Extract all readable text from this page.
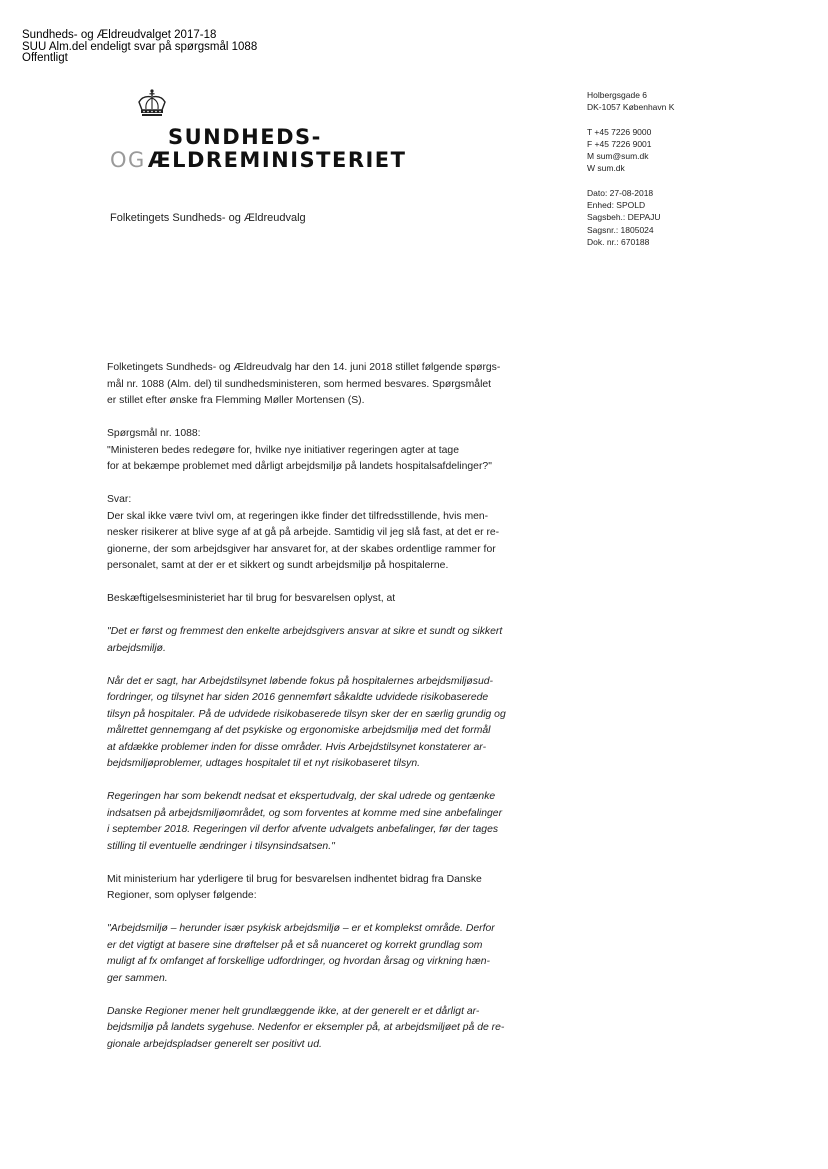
Sundheds- og Ældreudvalget 2017-18
SUU Alm.del endeligt svar på spørgsmål 1088
Offentligt
SUNDHEDS-
OGÆLDREMINISTERIET
Holbergsgade 6
DK-1057 København K
T +45 7226 9000
F +45 7226 9001
M sum@sum.dk
W sum.dk
Dato: 27-08-2018
Enhed: SPOLD
Sagsbeh.: DEPAJU
Sagsnr.: 1805024
Dok. nr.: 670188
Folketingets Sundheds- og Ældreudvalg

Folketingets Sundheds- og Ældreudvalg har den 14. juni 2018 stillet følgende spørgs-
mål nr. 1088 (Alm. del) til sundhedsministeren, som hermed besvares. Spørgsmålet
er stillet efter ønske fra Flemming Møller Mortensen (S).

Spørgsmål nr. 1088:
"Ministeren bedes redegøre for, hvilke nye initiativer regeringen agter at tage
for at bekæmpe problemet med dårligt arbejdsmiljø på landets hospitalsafdelinger?"

Svar:
Der skal ikke være tvivl om, at regeringen ikke finder det tilfredsstillende, hvis men-
nesker risikerer at blive syge af at gå på arbejde. Samtidig vil jeg slå fast, at det er re-
gionerne, der som arbejdsgiver har ansvaret for, at der skabes ordentlige rammer for
personalet, samt at der er et sikkert og sundt arbejdsmiljø på hospitalerne.

Beskæftigelsesministeriet har til brug for besvarelsen oplyst, at

"Det er først og fremmest den enkelte arbejdsgivers ansvar at sikre et sundt og sikkert
arbejdsmiljø.

Når det er sagt, har Arbejdstilsynet løbende fokus på hospitalernes arbejdsmiljøsud-
fordringer, og tilsynet har siden 2016 gennemført såkaldte udvidede risikobaserede
tilsyn på hospitaler. På de udvidede risikobaserede tilsyn sker der en særlig grundig og
målrettet gennemgang af det psykiske og ergonomiske arbejdsmiljø med det formål
at afdække problemer inden for disse områder. Hvis Arbejdstilsynet konstaterer ar-
bejdsmiljøproblemer, udtages hospitalet til et nyt risikobaseret tilsyn.

Regeringen har som bekendt nedsat et ekspertudvalg, der skal udrede og gentænke
indsatsen på arbejdsmiljøområdet, og som forventes at komme med sine anbefalinger
i september 2018. Regeringen vil derfor afvente udvalgets anbefalinger, før der tages
stilling til eventuelle ændringer i tilsynsindsatsen."

Mit ministerium har yderligere til brug for besvarelsen indhentet bidrag fra Danske
Regioner, som oplyser følgende:

"Arbejdsmiljø – herunder især psykisk arbejdsmiljø – er et komplekst område. Derfor
er det vigtigt at basere sine drøftelser på et så nuanceret og korrekt grundlag som
muligt af fx omfanget af forskellige udfordringer, og hvordan årsag og virkning hæn-
ger sammen.

Danske Regioner mener helt grundlæggende ikke, at der generelt er et dårligt ar-
bejdsmiljø på landets sygehuse. Nedenfor er eksempler på, at arbejdsmiljøet på de re-
gionale arbejdspladser generelt ser positivt ud.
